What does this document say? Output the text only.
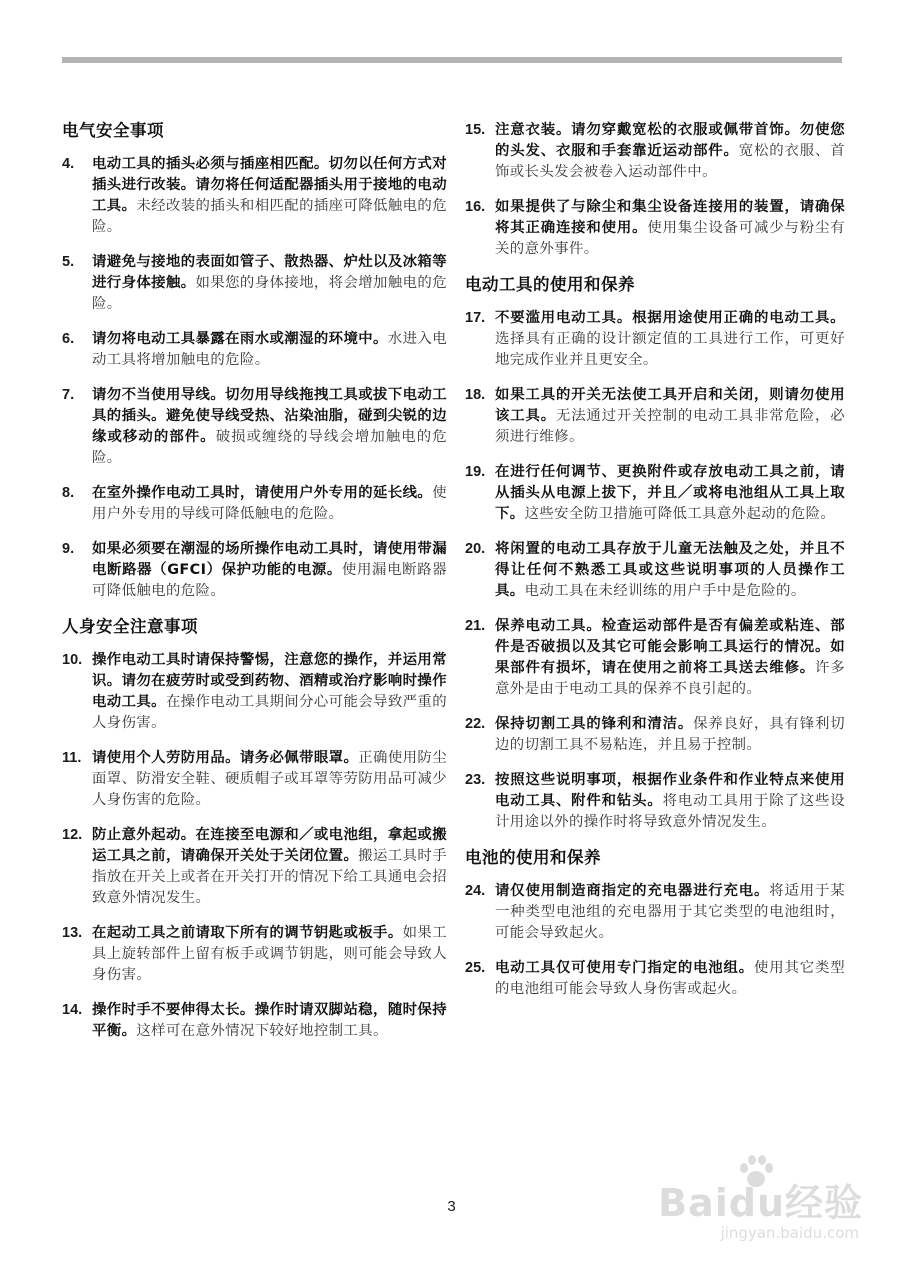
电气安全事项
4.	电动工具的插头必须与插座相匹配。切勿以任何方式对插头进行改装。请勿将任何适配器插头用于接地的电动工具。未经改装的插头和相匹配的插座可降低触电的危险。
5.	请避免与接地的表面如管子、散热器、炉灶以及冰箱等进行身体接触。如果您的身体接地，将会增加触电的危险。
6.	请勿将电动工具暴露在雨水或潮湿的环境中。水进入电动工具将增加触电的危险。
7.	请勿不当使用导线。切勿用导线拖拽工具或拔下电动工具的插头。避免使导线受热、沾染油脂，碰到尖锐的边缘或移动的部件。破损或缠绕的导线会增加触电的危险。
8.	在室外操作电动工具时，请使用户外专用的延长线。使用户外专用的导线可降低触电的危险。
9.	如果必须要在潮湿的场所操作电动工具时，请使用带漏电断路器（GFCI）保护功能的电源。使用漏电断路器可降低触电的危险。
人身安全注意事项
10. 操作电动工具时请保持警惕，注意您的操作，并运用常识。请勿在疲劳时或受到药物、酒精或治疗影响时操作电动工具。在操作电动工具期间分心可能会导致严重的人身伤害。
11. 请使用个人劳防用品。请务必佩带眼罩。正确使用防尘面罩、防滑安全鞋、硬质帽子或耳罩等劳防用品可减少人身伤害的危险。
12. 防止意外起动。在连接至电源和／或电池组，拿起或搬运工具之前，请确保开关处于关闭位置。搬运工具时手指放在开关上或者在开关打开的情况下给工具通电会招致意外情况发生。
13. 在起动工具之前请取下所有的调节钥匙或板手。如果工具上旋转部件上留有板手或调节钥匙，则可能会导致人身伤害。
14. 操作时手不要伸得太长。操作时请双脚站稳，随时保持平衡。这样可在意外情况下较好地控制工具。
15. 注意衣装。请勿穿戴宽松的衣服或佩带首饰。勿使您的头发、衣服和手套靠近运动部件。宽松的衣服、首饰或长头发会被卷入运动部件中。
16. 如果提供了与除尘和集尘设备连接用的装置，请确保将其正确连接和使用。使用集尘设备可减少与粉尘有关的意外事件。
电动工具的使用和保养
17. 不要滥用电动工具。根据用途使用正确的电动工具。选择具有正确的设计额定值的工具进行工作，可更好地完成作业并且更安全。
18. 如果工具的开关无法使工具开启和关闭，则请勿使用该工具。无法通过开关控制的电动工具非常危险，必须进行维修。
19. 在进行任何调节、更换附件或存放电动工具之前，请从插头从电源上拔下，并且／或将电池组从工具上取下。这些安全防卫措施可降低工具意外起动的危险。
20. 将闲置的电动工具存放于儿童无法触及之处，并且不得让任何不熟悉工具或这些说明事项的人员操作工具。电动工具在未经训练的用户手中是危险的。
21. 保养电动工具。检查运动部件是否有偏差或粘连、部件是否破损以及其它可能会影响工具运行的情况。如果部件有损坏，请在使用之前将工具送去维修。许多意外是由于电动工具的保养不良引起的。
22. 保持切割工具的锋利和清洁。保养良好，具有锋利切边的切割工具不易粘连，并且易于控制。
23. 按照这些说明事项，根据作业条件和作业特点来使用电动工具、附件和钻头。将电动工具用于除了这些设计用途以外的操作时将导致意外情况发生。
电池的使用和保养
24. 请仅使用制造商指定的充电器进行充电。将适用于某一种类型电池组的充电器用于其它类型的电池组时，可能会导致起火。
25. 电动工具仅可使用专门指定的电池组。使用其它类型的电池组可能会导致人身伤害或起火。
3	Baidu经验
jingyan.baidu.com
